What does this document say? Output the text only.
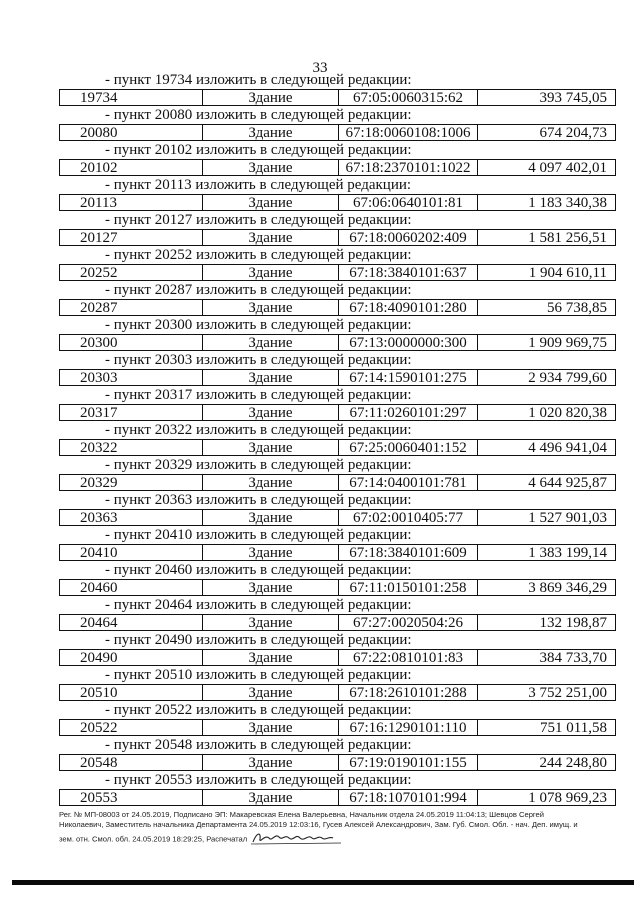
33
- пункт 19734 изложить в следующей редакции:
19734	Здание	67:05:0060315:62	393 745,05
- пункт 20080 изложить в следующей редакции:
20080	Здание	67:18:0060108:1006	674 204,73
- пункт 20102 изложить в следующей редакции:
20102	Здание	67:18:2370101:1022	4 097 402,01
- пункт 20113 изложить в следующей редакции:
20113	Здание	67:06:0640101:81	1 183 340,38
- пункт 20127 изложить в следующей редакции:
20127	Здание	67:18:0060202:409	1 581 256,51
- пункт 20252 изложить в следующей редакции:
20252	Здание	67:18:3840101:637	1 904 610,11
- пункт 20287 изложить в следующей редакции:
20287	Здание	67:18:4090101:280	56 738,85
- пункт 20300 изложить в следующей редакции:
20300	Здание	67:13:0000000:300	1 909 969,75
- пункт 20303 изложить в следующей редакции:
20303	Здание	67:14:1590101:275	2 934 799,60
- пункт 20317 изложить в следующей редакции:
20317	Здание	67:11:0260101:297	1 020 820,38
- пункт 20322 изложить в следующей редакции:
20322	Здание	67:25:0060401:152	4 496 941,04
- пункт 20329 изложить в следующей редакции:
20329	Здание	67:14:0400101:781	4 644 925,87
- пункт 20363 изложить в следующей редакции:
20363	Здание	67:02:0010405:77	1 527 901,03
- пункт 20410 изложить в следующей редакции:
20410	Здание	67:18:3840101:609	1 383 199,14
- пункт 20460 изложить в следующей редакции:
20460	Здание	67:11:0150101:258	3 869 346,29
- пункт 20464 изложить в следующей редакции:
20464	Здание	67:27:0020504:26	132 198,87
- пункт 20490 изложить в следующей редакции:
20490	Здание	67:22:0810101:83	384 733,70
- пункт 20510 изложить в следующей редакции:
20510	Здание	67:18:2610101:288	3 752 251,00
- пункт 20522 изложить в следующей редакции:
20522	Здание	67:16:1290101:110	751 011,58
- пункт 20548 изложить в следующей редакции:
20548	Здание	67:19:0190101:155	244 248,80
- пункт 20553 изложить в следующей редакции:
20553	Здание	67:18:1070101:994	1 078 969,23
Рег. № МП-08003 от 24.05.2019, Подписано ЭП: Макаревская Елена Валерьевна, Начальник отдела 24.05.2019 11:04:13; Шевцов Сергей
Николаевич, Заместитель начальника Департамента 24.05.2019 12:03:16, Гусев Алексей Александрович, Зам. Губ. Смол. Обл. - нач. Деп. имущ. и
зем. отн. Смол. обл. 24.05.2019 18:29:25, Распечатал
